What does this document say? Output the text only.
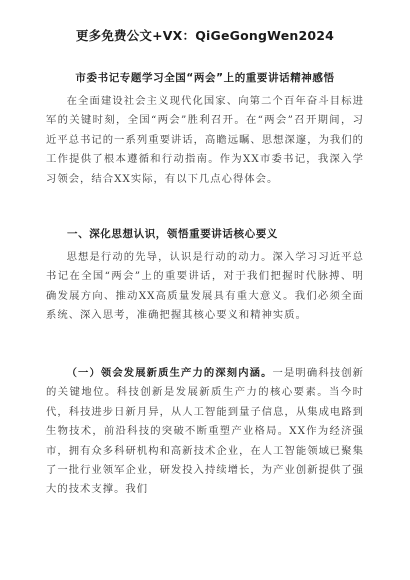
更多免费公文+VX：QiGeGongWen2024
市委书记专题学习全国“两会”上的重要讲话精神感悟

在全面建设社会主义现代化国家、向第二个百年奋斗目标进军的关键时刻，全国“两会”胜利召开。在“两会”召开期间，习近平总书记的一系列重要讲话，高瞻远瞩、思想深邃，为我们的工作提供了根本遵循和行动指南。作为XX市委书记，我深入学习领会，结合XX实际，有以下几点心得体会。

一、深化思想认识，领悟重要讲话核心要义

思想是行动的先导，认识是行动的动力。深入学习习近平总书记在全国“两会”上的重要讲话，对于我们把握时代脉搏、明确发展方向、推动XX高质量发展具有重大意义。我们必须全面系统、深入思考，准确把握其核心要义和精神实质。

（一）领会发展新质生产力的深刻内涵。一是明确科技创新的关键地位。科技创新是发展新质生产力的核心要素。当今时代，科技进步日新月异，从人工智能到量子信息，从集成电路到生物技术，前沿科技的突破不断重塑产业格局。XX作为经济强市，拥有众多科研机构和高新技术企业，在人工智能领域已聚集了一批行业领军企业，研发投入持续增长，为产业创新提供了强大的技术支撑。我们
